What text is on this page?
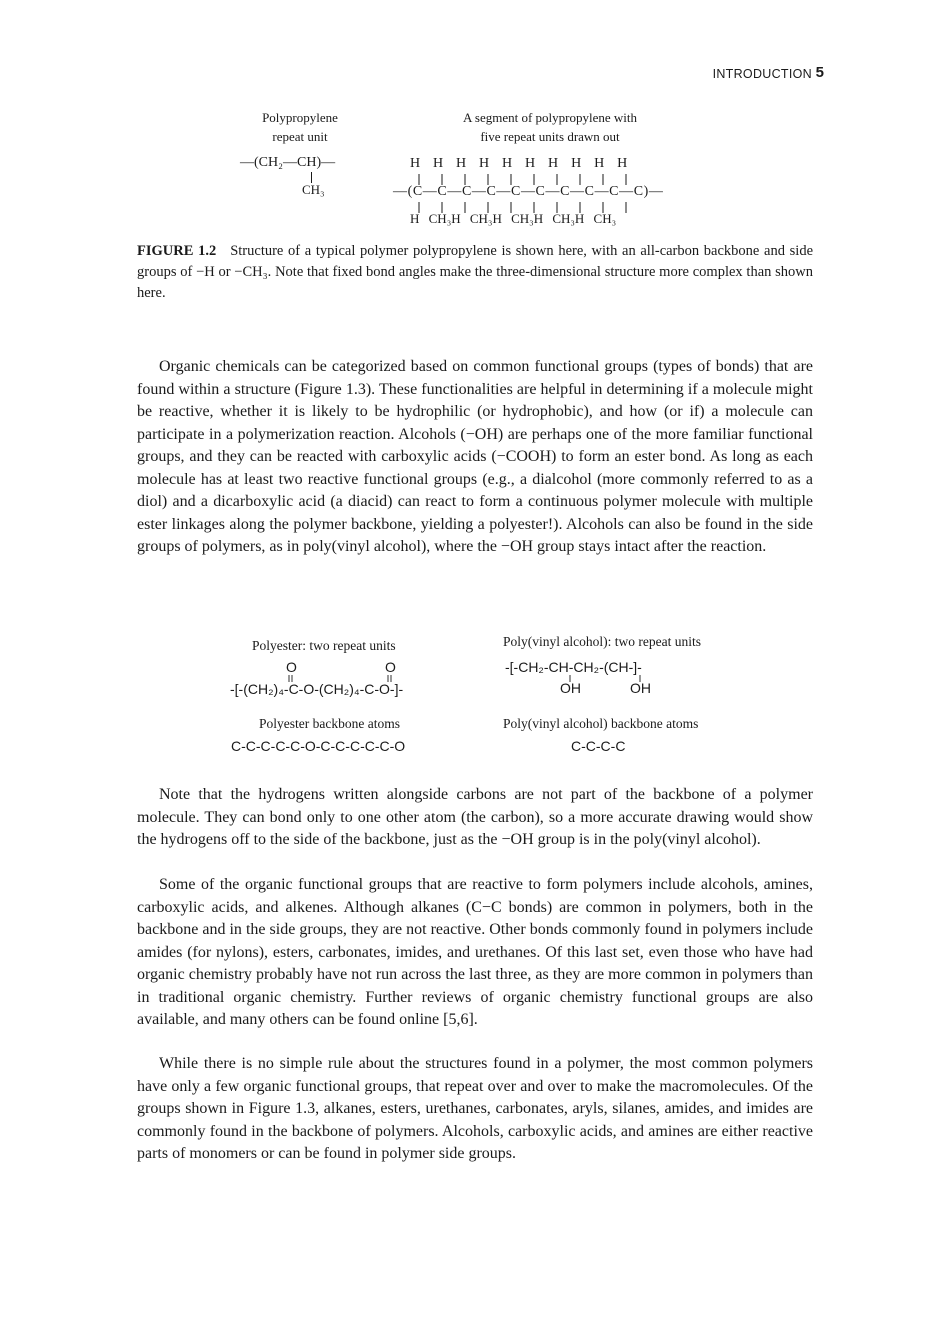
INTRODUCTION 5
Polypropylene
repeat unit
A segment of polypropylene with
five repeat units drawn out
—(CH₂—CH)—
CH₃
H H H H H H H H H H
—(C—C—C—C—C—C—C—C—C—C)—
H CH₃H CH₃H CH₃H CH₃H CH₃
FIGURE 1.2 Structure of a typical polymer polypropylene is shown here, with an all-carbon backbone and side groups of −H or −CH₃. Note that fixed bond angles make the three-dimensional structure more complex than shown here.

Organic chemicals can be categorized based on common functional groups (types of bonds) that are found within a structure (Figure 1.3). These functionalities are helpful in determining if a molecule might be reactive, whether it is likely to be hydrophilic (or hydrophobic), and how (or if) a molecule can participate in a polymerization reaction. Alcohols (−OH) are perhaps one of the more familiar functional groups, and they can be reacted with carboxylic acids (−COOH) to form an ester bond. As long as each molecule has at least two reactive functional groups (e.g., a dialcohol (more commonly referred to as a diol) and a dicarboxylic acid (a diacid) can react to form a continuous polymer molecule with multiple ester linkages along the polymer backbone, yielding a polyester!). Alcohols can also be found in the side groups of polymers, as in poly(vinyl alcohol), where the −OH group stays intact after the reaction.

Polyester: two repeat units
O	O
-[-(CH₂)₄-C-O-(CH₂)₄-C-O-]-
Poly(vinyl alcohol): two repeat units
-[-CH₂-CH-CH₂-(CH-]-
OH	OH
Polyester backbone atoms
C-C-C-C-C-O-C-C-C-C-C-O
Poly(vinyl alcohol) backbone atoms
C-C-C-C

Note that the hydrogens written alongside carbons are not part of the backbone of a polymer molecule. They can bond only to one other atom (the carbon), so a more accurate drawing would show the hydrogens off to the side of the backbone, just as the −OH group is in the poly(vinyl alcohol).

Some of the organic functional groups that are reactive to form polymers include alcohols, amines, carboxylic acids, and alkenes. Although alkanes (C−C bonds) are common in polymers, both in the backbone and in the side groups, they are not reactive. Other bonds commonly found in polymers include amides (for nylons), esters, carbonates, imides, and urethanes. Of this last set, even those who have had organic chemistry probably have not run across the last three, as they are more common in polymers than in traditional organic chemistry. Further reviews of organic chemistry functional groups are also available, and many others can be found online [5,6].

While there is no simple rule about the structures found in a polymer, the most common polymers have only a few organic functional groups, that repeat over and over to make the macromolecules. Of the groups shown in Figure 1.3, alkanes, esters, urethanes, carbonates, aryls, silanes, amides, and imides are commonly found in the backbone of polymers. Alcohols, carboxylic acids, and amines are either reactive parts of monomers or can be found in polymer side groups.
